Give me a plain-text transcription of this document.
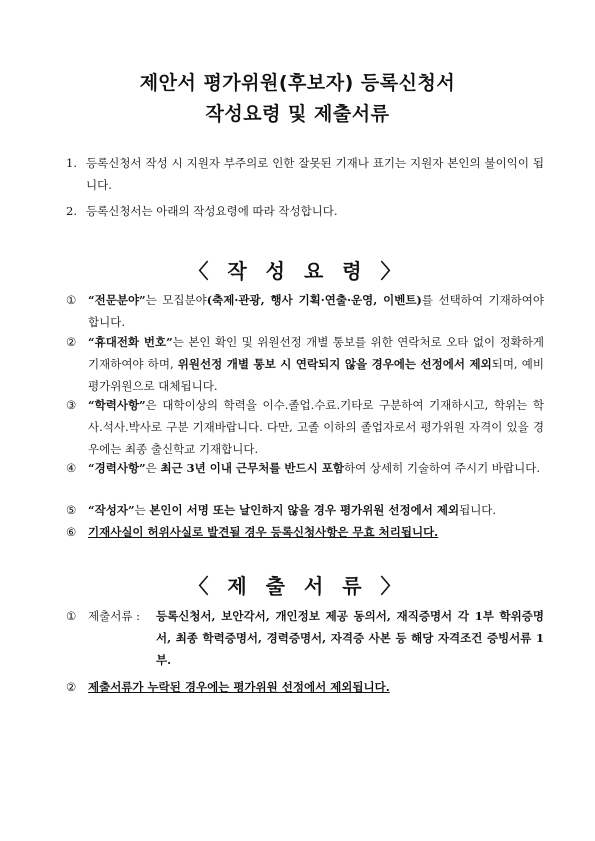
제안서 평가위원(후보자) 등록신청서
작성요령 및 제출서류
1. 등록신청서 작성 시 지원자 부주의로 인한 잘못된 기재나 표기는 지원자 본인의 불이익이 됩니다.
2. 등록신청서는 아래의 작성요령에 따라 작성합니다.
〈 작 성 요 령 〉
①	“전문분야”는 모집분야(축제·관광, 행사 기획·연출·운영, 이벤트)를 선택하여 기재하여야 합니다.
②	“휴대전화 번호”는 본인 확인 및 위원선정 개별 통보를 위한 연락처로 오타 없이 정확하게 기재하여야 하며, 위원선정 개별 통보 시 연락되지 않을 경우에는 선정에서 제외되며, 예비평가위원으로 대체됩니다.
③	“학력사항”은 대학이상의 학력을 이수.졸업.수료.기타로 구분하여 기재하시고, 학위는 학사.석사.박사로 구분 기재바랍니다. 다만, 고졸 이하의 졸업자로서 평가위원 자격이 있을 경우에는 최종 출신학교 기재합니다.
④	“경력사항”은 최근 3년 이내 근무처를 반드시 포함하여 상세히 기술하여 주시기 바랍니다.
⑤	“작성자”는 본인이 서명 또는 날인하지 않을 경우 평가위원 선정에서 제외됩니다.
⑥	기재사실이 허위사실로 발견될 경우 등록신청사항은 무효 처리됩니다.
〈 제 출 서 류 〉
①	제출서류 : 등록신청서, 보안각서, 개인정보 제공 동의서, 재직증명서 각 1부 학위증명서, 최종 학력증명서, 경력증명서, 자격증 사본 등 해당 자격조건 증빙서류 1부.
②	제출서류가 누락된 경우에는 평가위원 선정에서 제외됩니다.
